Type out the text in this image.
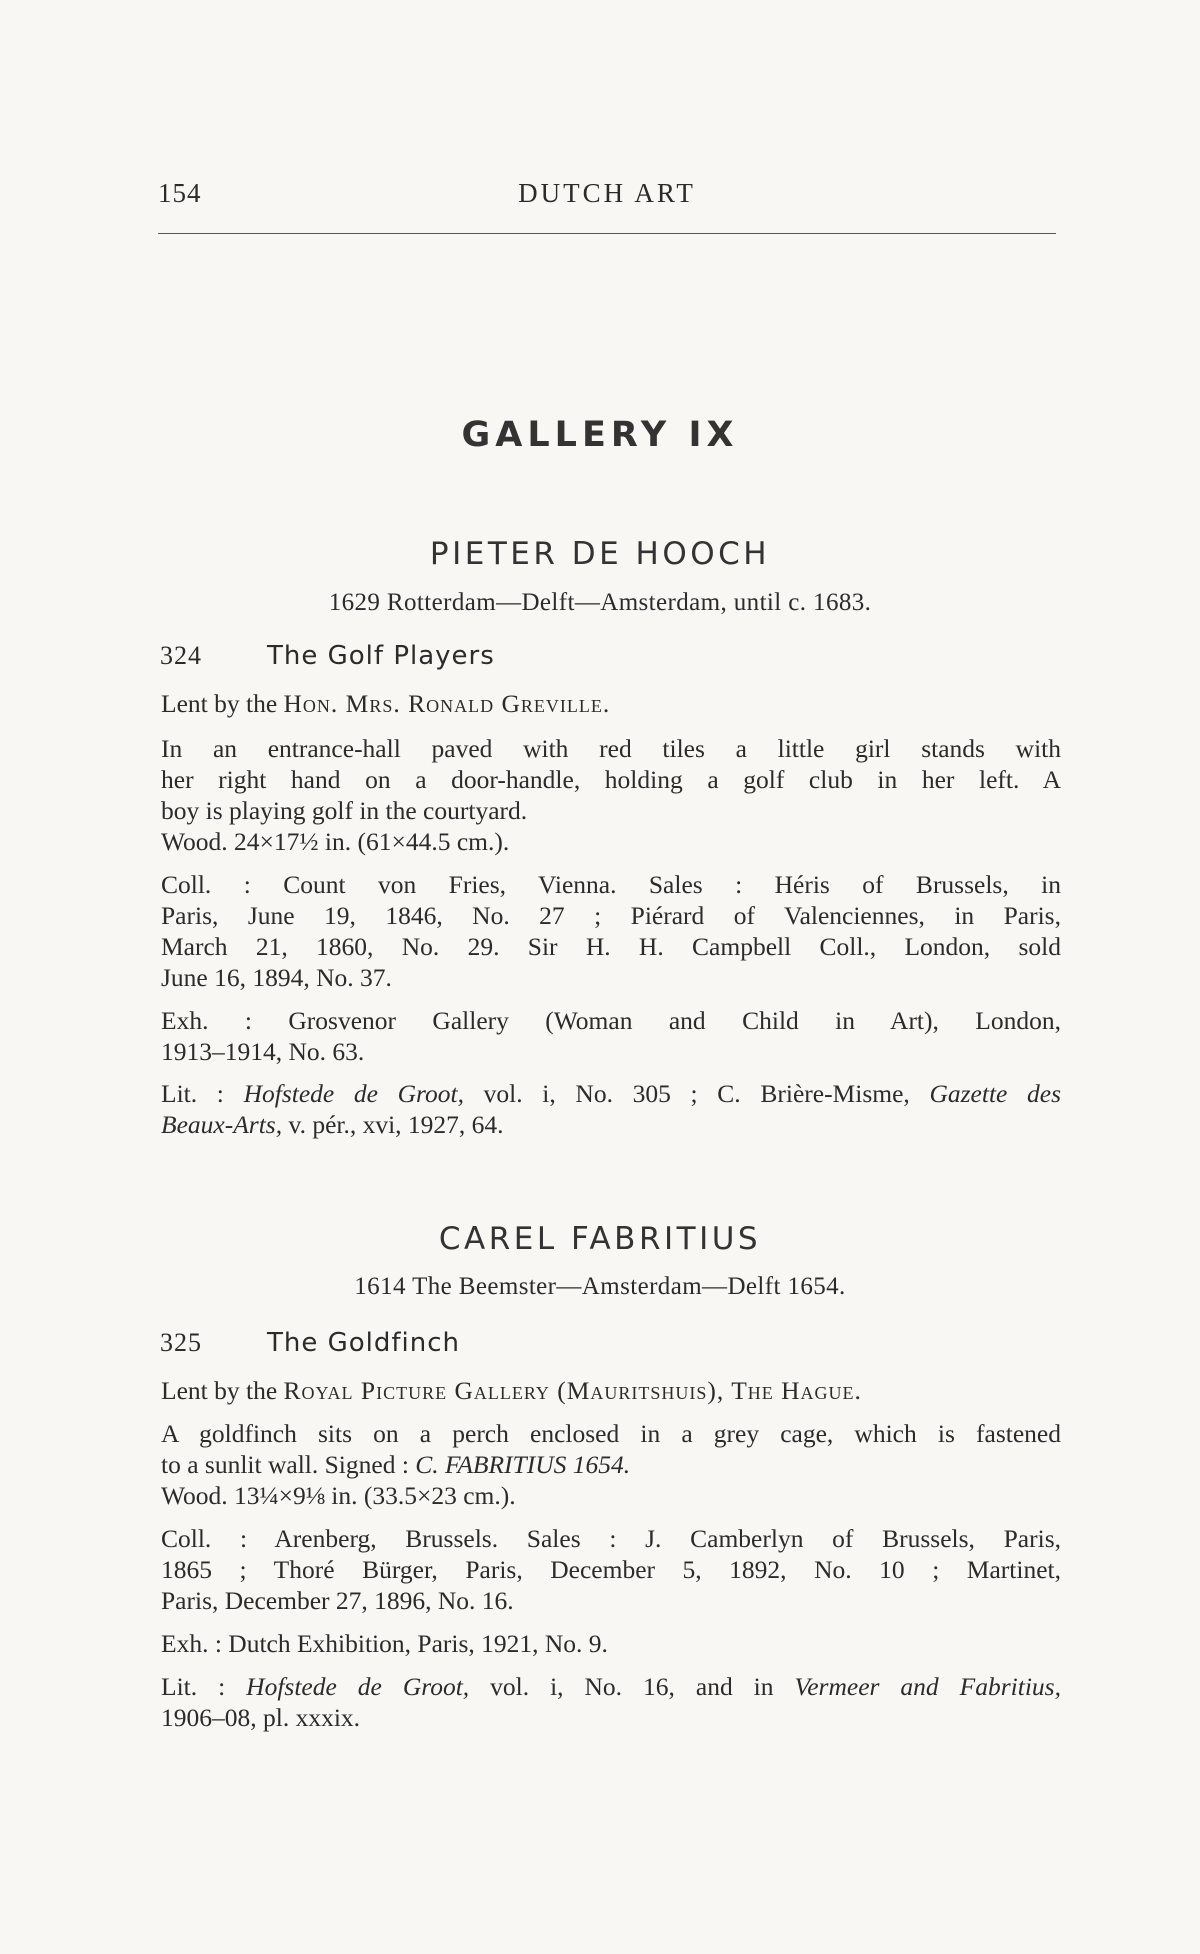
154	DUTCH ART
GALLERY IX
PIETER DE HOOCH
1629 Rotterdam—Delft—Amsterdam, until c. 1683.
324	The Golf Players
Lent by the Hon. Mrs. Ronald Greville.
In an entrance-hall paved with red tiles a little girl stands with
her right hand on a door-handle, holding a golf club in her left. A
boy is playing golf in the courtyard.
Wood. 24×17½ in. (61×44.5 cm.).
Coll. : Count von Fries, Vienna. Sales : Héris of Brussels, in
Paris, June 19, 1846, No. 27 ; Piérard of Valenciennes, in Paris,
March 21, 1860, No. 29. Sir H. H. Campbell Coll., London, sold
June 16, 1894, No. 37.
Exh. : Grosvenor Gallery (Woman and Child in Art), London,
1913–1914, No. 63.
Lit. : Hofstede de Groot, vol. i, No. 305 ; C. Brière-Misme, Gazette des
Beaux-Arts, v. pér., xvi, 1927, 64.
CAREL FABRITIUS
1614 The Beemster—Amsterdam—Delft 1654.
325	The Goldfinch
Lent by the Royal Picture Gallery (Mauritshuis), The Hague.
A goldfinch sits on a perch enclosed in a grey cage, which is fastened
to a sunlit wall. Signed : C. FABRITIUS 1654.
Wood. 13¼×9⅛ in. (33.5×23 cm.).
Coll. : Arenberg, Brussels. Sales : J. Camberlyn of Brussels, Paris,
1865 ; Thoré Bürger, Paris, December 5, 1892, No. 10 ; Martinet,
Paris, December 27, 1896, No. 16.
Exh. : Dutch Exhibition, Paris, 1921, No. 9.
Lit. : Hofstede de Groot, vol. i, No. 16, and in Vermeer and Fabritius,
1906–08, pl. xxxix.
